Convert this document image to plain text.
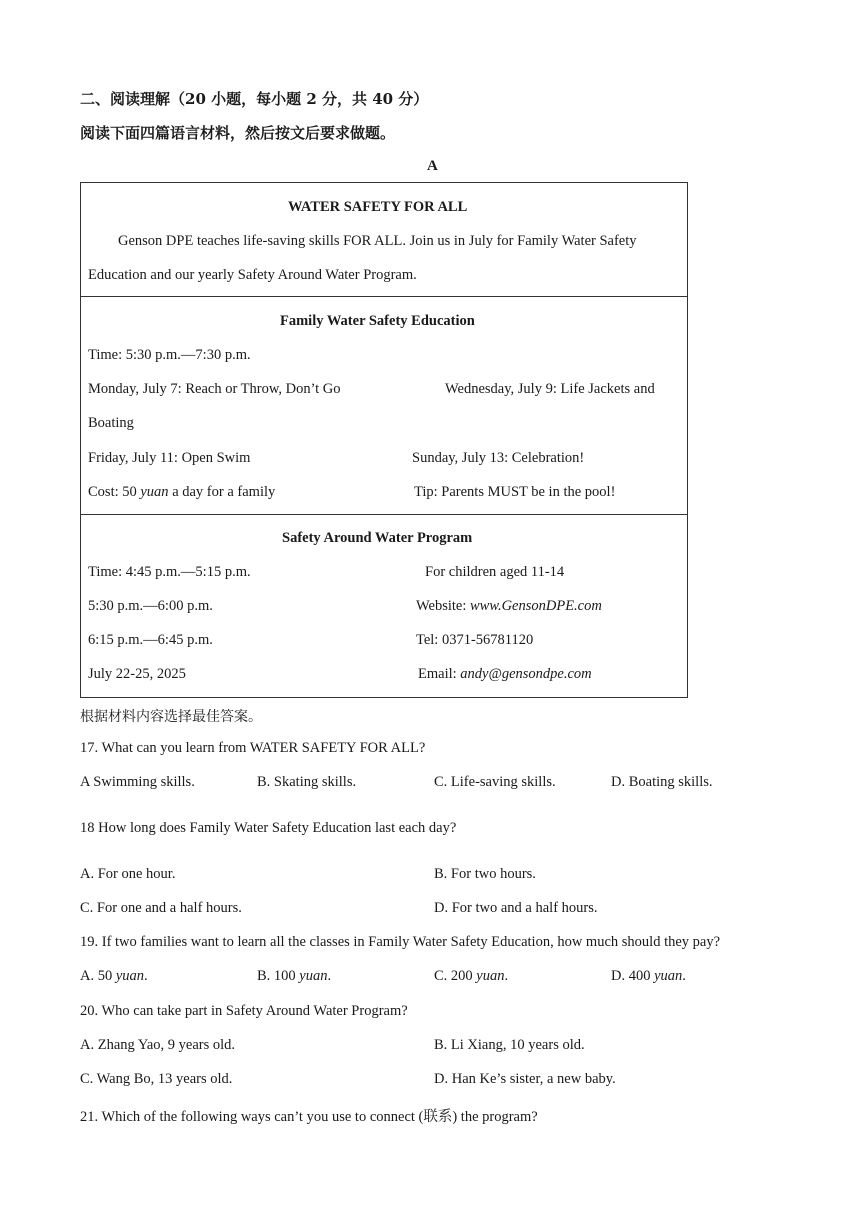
二、阅读理解（20 小题，每小题 2 分，共 40 分）
阅读下面四篇语言材料，然后按文后要求做题。
A
WATER SAFETY FOR ALL
Genson DPE teaches life-saving skills FOR ALL. Join us in July for Family Water Safety
Education and our yearly Safety Around Water Program.
Family Water Safety Education
Time: 5:30 p.m.—7:30 p.m.
Monday, July 7: Reach or Throw, Don’t Go	Wednesday, July 9: Life Jackets and
Boating
Friday, July 11: Open Swim	Sunday, July 13: Celebration!
Cost: 50 yuan a day for a family	Tip: Parents MUST be in the pool!
Safety Around Water Program
Time: 4:45 p.m.—5:15 p.m.	For children aged 11-14
5:30 p.m.—6:00 p.m.	Website: www.GensonDPE.com
6:15 p.m.—6:45 p.m.	Tel: 0371-56781120
July 22-25, 2025	Email: andy@gensondpe.com
根据材料内容选择最佳答案。
17. What can you learn from WATER SAFETY FOR ALL?
A Swimming skills.	B. Skating skills.	C. Life-saving skills.	D. Boating skills.
18 How long does Family Water Safety Education last each day?
A. For one hour.	B. For two hours.
C. For one and a half hours.	D. For two and a half hours.
19. If two families want to learn all the classes in Family Water Safety Education, how much should they pay?
A. 50 yuan.	B. 100 yuan.	C. 200 yuan.	D. 400 yuan.
20. Who can take part in Safety Around Water Program?
A. Zhang Yao, 9 years old.	B. Li Xiang, 10 years old.
C. Wang Bo, 13 years old.	D. Han Ke’s sister, a new baby.
21. Which of the following ways can’t you use to connect (联系) the program?
